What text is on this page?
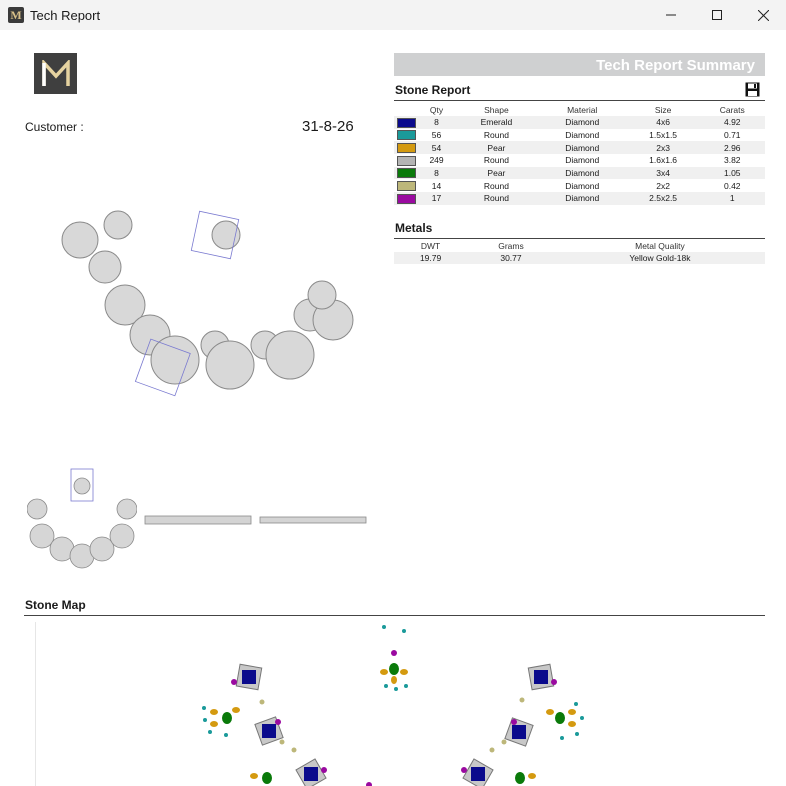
M Tech Report
Customer :	31-8-26
Tech Report Summary
Stone Report
	Qty	Shape	Material	Size	Carats
	8	Emerald	Diamond	4x6	4.92
	56	Round	Diamond	1.5x1.5	0.71
	54	Pear	Diamond	2x3	2.96
	249	Round	Diamond	1.6x1.6	3.82
	8	Pear	Diamond	3x4	1.05
	14	Round	Diamond	2x2	0.42
	17	Round	Diamond	2.5x2.5	1
Metals
DWT	Grams	Metal Quality
19.79	30.77	Yellow Gold-18k
Stone Map
